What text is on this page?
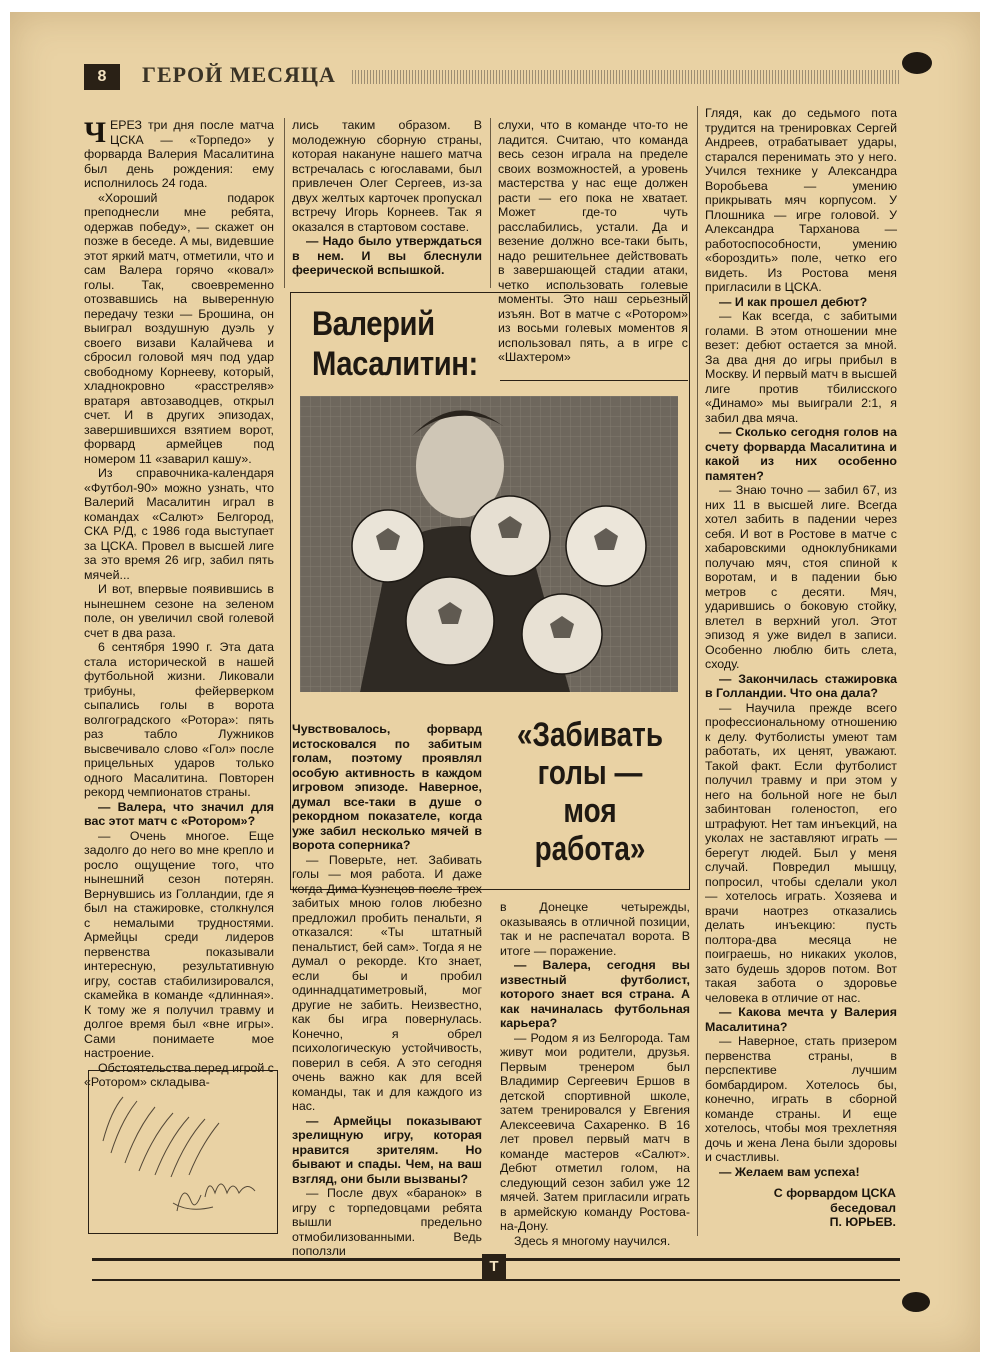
8	ГЕРОЙ МЕСЯЦА

ЧЕРЕЗ три дня после матча ЦСКА — «Торпедо» у форварда Валерия Масалитина был день рождения: ему исполнилось 24 года.

«Хороший подарок преподнесли мне ребята, одержав победу», — скажет он позже в беседе. А мы, видевшие этот яркий матч, отметили, что и сам Валера горячо «ковал» голы. Так, своевременно отозвавшись на выверенную передачу тезки — Брошина, он выиграл воздушную дуэль у своего визави Калайчева и сбросил головой мяч под удар свободному Корнееву, который, хладнокровно «расстреляв» вратаря автозаводцев, открыл счет. И в других эпизодах, завершившихся взятием ворот, форвард армейцев под номером 11 «заварил кашу».

Из справочника-календаря «Футбол-90» можно узнать, что Валерий Масалитин играл в командах «Салют» Белгород, СКА Р/Д, с 1986 года выступает за ЦСКА. Провел в высшей лиге за это время 26 игр, забил пять мячей...

И вот, впервые появившись в нынешнем сезоне на зеленом поле, он увеличил свой голевой счет в два раза.

6 сентября 1990 г. Эта дата стала исторической в нашей футбольной жизни. Ликовали трибуны, фейерверком сыпались голы в ворота волгоградского «Ротора»: пять раз табло Лужников высвечивало слово «Гол» после прицельных ударов только одного Масалитина. Повторен рекорд чемпионатов страны.

— Валера, что значил для вас этот матч с «Ротором»?

— Очень многое. Еще задолго до него во мне крепло и росло ощущение того, что нынешний сезон потерян. Вернувшись из Голландии, где я был на стажировке, столкнулся с немалыми трудностями. Армейцы среди лидеров первенства показывали интересную, результативную игру, состав стабилизировался, скамейка в команде «длинная». К тому же я получил травму и долгое время был «вне игры». Сами понимаете мое настроение.

Обстоятельства перед игрой с «Ротором» складыва-

лись таким образом. В молодежную сборную страны, которая накануне нашего матча встречалась с югославами, был привлечен Олег Сергеев, из-за двух желтых карточек пропускал встречу Игорь Корнеев. Так я оказался в стартовом составе.

— Надо было утверждаться в нем. И вы блеснули феерической вспышкой.

слухи, что в команде что-то не ладится. Считаю, что команда весь сезон играла на пределе своих возможностей, а уровень мастерства у нас еще должен расти — его пока не хватает. Может где-то чуть расслабились, устали. Да и везение должно все-таки быть, надо решительнее действовать в завершающей стадии атаки, четко использовать голевые моменты. Это наш серьезный изъян. Вот в матче с «Ротором» из восьми голевых моментов я использовал пять, а в игре с «Шахтером»

Валерий Масалитин:

Чувствовалось, форвард истосковался по забитым голам, поэтому проявлял особую активность в каждом игровом эпизоде. Наверное, думал все-таки в душе о рекордном показателе, когда уже забил несколько мячей в ворота соперника?

— Поверьте, нет. Забивать голы — моя работа. И даже когда Дима Кузнецов после трех забитых мною голов любезно предложил пробить пенальти, я отказался: «Ты штатный пенальтист, бей сам». Тогда я не думал о рекорде. Кто знает, если бы и пробил одиннадцатиметровый, мог другие не забить. Неизвестно, как бы игра повернулась. Конечно, я обрел психологическую устойчивость, поверил в себя. А это сегодня очень важно как для всей команды, так и для каждого из нас.

— Армейцы показывают зрелищную игру, которая нравится зрителям. Но бывают и спады. Чем, на ваш взгляд, они были вызваны?

— После двух «баранок» в игру с торпедовцами ребята вышли предельно отмобилизованными. Ведь поползли

«Забивать голы — моя работа»

в Донецке четырежды, оказываясь в отличной позиции, так и не распечатал ворота. В итоге — поражение.

— Валера, сегодня вы известный футболист, которого знает вся страна. А как начиналась футбольная карьера?

— Родом я из Белгорода. Там живут мои родители, друзья. Первым тренером был Владимир Сергеевич Ершов в детской спортивной школе, затем тренировался у Евгения Алексеевича Сахаренко. В 16 лет провел первый матч в команде мастеров «Салют». Дебют отметил голом, на следующий сезон забил уже 12 мячей. Затем пригласили играть в армейскую команду Ростова-на-Дону.

Здесь я многому научился.

Глядя, как до седьмого пота трудится на тренировках Сергей Андреев, отрабатывает удары, старался перенимать это у него. Учился технике у Александра Воробьева — умению прикрывать мяч корпусом. У Плошника — игре головой. У Александра Тарханова — работоспособности, умению «бороздить» поле, четко его видеть. Из Ростова меня пригласили в ЦСКА.

— И как прошел дебют?

— Как всегда, с забитыми голами. В этом отношении мне везет: дебют остается за мной. За два дня до игры прибыл в Москву. И первый матч в высшей лиге против тбилисского «Динамо» мы выиграли 2:1, я забил два мяча.

— Сколько сегодня голов на счету форварда Масалитина и какой из них особенно памятен?

— Знаю точно — забил 67, из них 11 в высшей лиге. Всегда хотел забить в падении через себя. И вот в Ростове в матче с хабаровскими одноклубниками получаю мяч, стоя спиной к воротам, и в падении бью метров с десяти. Мяч, ударившись о боковую стойку, влетел в верхний угол. Этот эпизод я уже видел в записи. Особенно люблю бить слета, сходу.

— Закончилась стажировка в Голландии. Что она дала?

— Научила прежде всего профессиональному отношению к делу. Футболисты умеют там работать, их ценят, уважают. Такой факт. Если футболист получил травму и при этом у него на больной ноге не был забинтован голеностоп, его штрафуют. Нет там инъекций, на уколах не заставляют играть — берегут людей. Был у меня случай. Повредил мышцу, попросил, чтобы сделали укол — хотелось играть. Хозяева и врачи наотрез отказались делать инъекцию: пусть полтора-два месяца не поиграешь, но никаких уколов, зато будешь здоров потом. Вот такая забота о здоровье человека в отличие от нас.

— Какова мечта у Валерия Масалитина?

— Наверное, стать призером первенства страны, в перспективе лучшим бомбардиром. Хотелось бы, конечно, играть в сборной команде страны. И еще хотелось, чтобы моя трехлетняя дочь и жена Лена были здоровы и счастливы.

— Желаем вам успеха!

С форвардом ЦСКА
беседовал
П. ЮРЬЕВ.
T
